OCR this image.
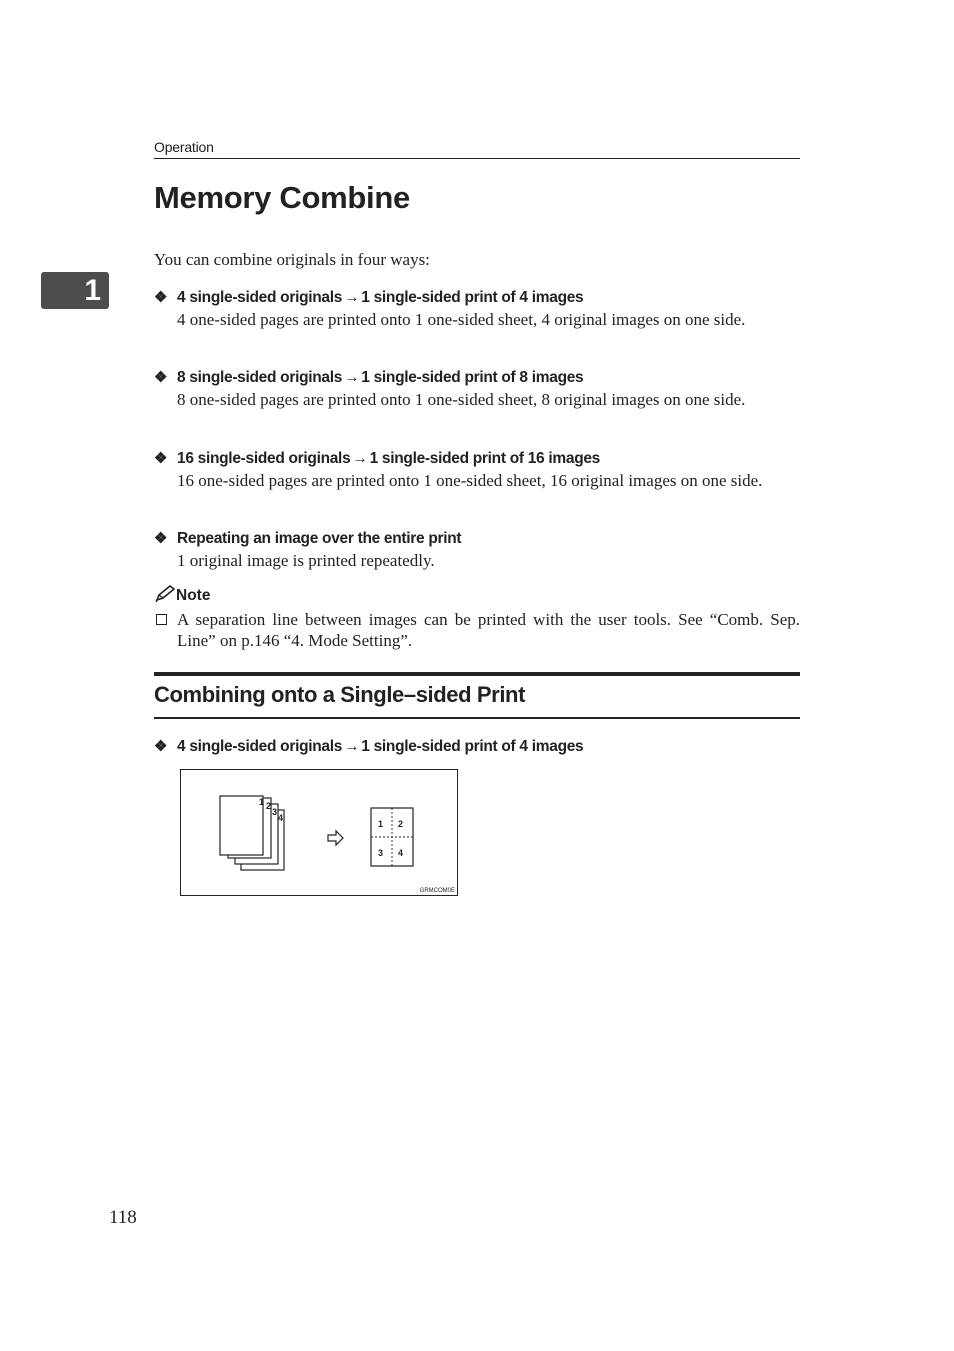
Operation
1
Memory Combine
You can combine originals in four ways:
❖ 4 single-sided originals → 1 single-sided print of 4 images
4 one-sided pages are printed onto 1 one-sided sheet, 4 original images on one side.
❖ 8 single-sided originals → 1 single-sided print of 8 images
8 one-sided pages are printed onto 1 one-sided sheet, 8 original images on one side.
❖ 16 single-sided originals → 1 single-sided print of 16 images
16 one-sided pages are printed onto 1 one-sided sheet, 16 original images on one side.
❖ Repeating an image over the entire print
1 original image is printed repeatedly.
Note
A separation line between images can be printed with the user tools. See “Comb. Sep. Line” on p.146 “4. Mode Setting”.
Combining onto a Single–sided Print
❖ 4 single-sided originals → 1 single-sided print of 4 images
1 2
3
4
1 2
3 4
GRMCOM0E
118
